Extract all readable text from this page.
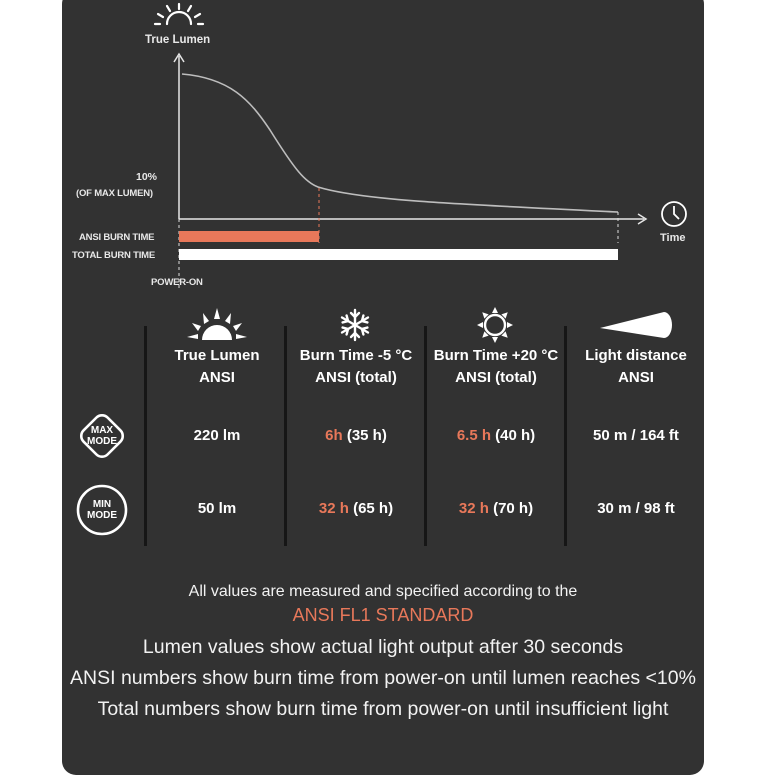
True Lumen
10%
(OF MAX LUMEN)
Time
ANSI BURN TIME
TOTAL BURN TIME
POWER-ON
True Lumen
ANSI
Burn Time -5 °C
ANSI (total)
Burn Time +20 °C
ANSI (total)
Light distance
ANSI
MAX
MODE	220 lm	6h (35 h)	6.5 h (40 h)	50 m / 164 ft
MIN
MODE	50 lm	32 h (65 h)	32 h (70 h)	30 m / 98 ft
All values are measured and specified according to the
ANSI FL1 STANDARD
Lumen values show actual light output after 30 seconds
ANSI numbers show burn time from power-on until lumen reaches <10%
Total numbers show burn time from power-on until insufficient light
